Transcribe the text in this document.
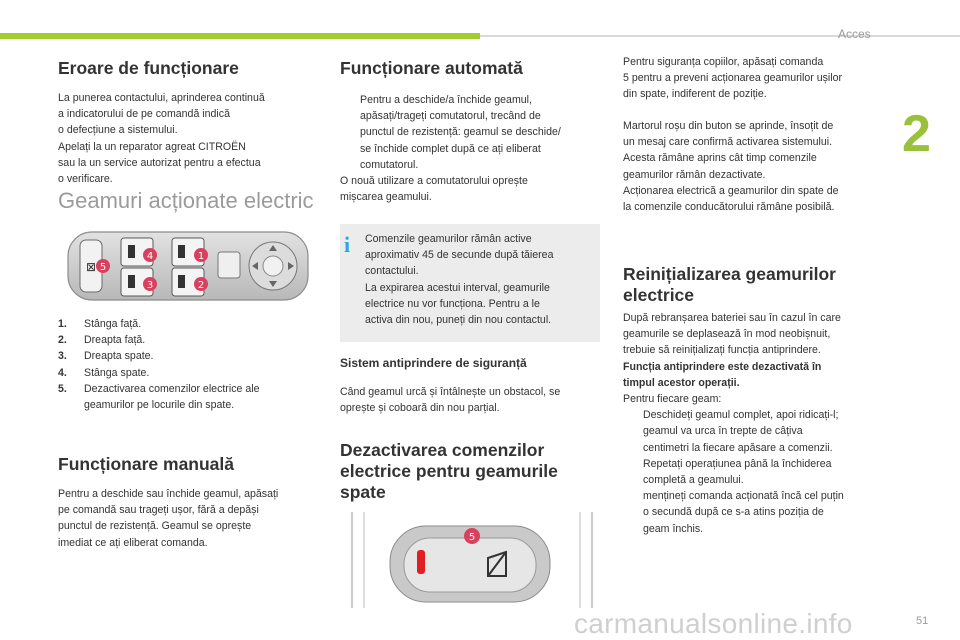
Acces
2
51
carmanualsonline.info
Eroare de funcționare
La punerea contactului, aprinderea continuă
a indicatorului de pe comandă indică
o defecțiune a sistemului.
Apelați la un reparator agreat CITROËN
sau la un service autorizat pentru a efectua
o verificare.
Geamuri acționate electric
⊠ 5
4
3
1
2
1.	Stânga față.
2.	Dreapta față.
3.	Dreapta spate.
4.	Stânga spate.
5.	Dezactivarea comenzilor electrice ale
geamurilor pe locurile din spate.
Funcționare manuală
Pentru a deschide sau închide geamul, apăsați
pe comandă sau trageți ușor, fără a depăși
punctul de rezistență. Geamul se oprește
imediat ce ați eliberat comanda.
Funcționare automată
Pentru a deschide/a închide geamul,
apăsați/trageți comutatorul, trecând de
punctul de rezistență: geamul se deschide/
se închide complet după ce ați eliberat
comutatorul.
O nouă utilizare a comutatorului oprește
mișcarea geamului.
i Comenzile geamurilor rămân active
aproximativ 45 de secunde după tăierea
contactului.
La expirarea acestui interval, geamurile
electrice nu vor funcționa. Pentru a le
activa din nou, puneți din nou contactul.
Sistem antiprindere de siguranță
Când geamul urcă și întâlnește un obstacol, se
oprește și coboară din nou parțial.
Dezactivarea comenzilor
electrice pentru geamurile
spate
5
Pentru siguranța copiilor, apăsați comanda
5 pentru a preveni acționarea geamurilor ușilor
din spate, indiferent de poziție.
Martorul roșu din buton se aprinde, însoțit de
un mesaj care confirmă activarea sistemului.
Acesta rămâne aprins cât timp comenzile
geamurilor rămân dezactivate.
Acționarea electrică a geamurilor din spate de
la comenzile conducătorului rămâne posibilă.
Reinițializarea geamurilor
electrice
După rebranșarea bateriei sau în cazul în care
geamurile se deplasează în mod neobișnuit,
trebuie să reinițializați funcția antiprindere.
Funcția antiprindere este dezactivată în
timpul acestor operații.
Pentru fiecare geam:
Deschideți geamul complet, apoi ridicați-l;
geamul va urca în trepte de câțiva
centimetri la fiecare apăsare a comenzii.
Repetați operațiunea până la închiderea
completă a geamului.
mențineți comanda acționată încă cel puțin
o secundă după ce s-a atins poziția de
geam închis.
